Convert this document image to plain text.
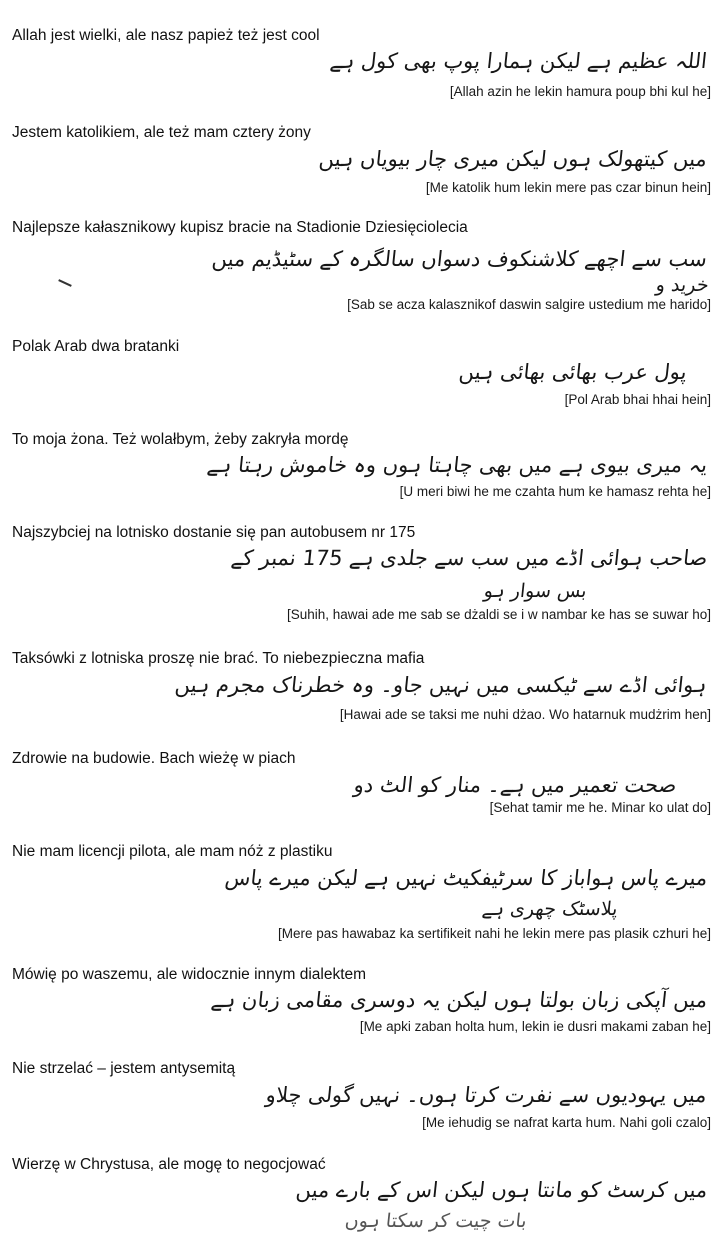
Allah jest wielki, ale nasz papież też jest cool
اللہ عظیم ہے لیکن ہمارا پوپ بھی کول ہے
[Allah azin he lekin hamura poup bhi kul he]
Jestem katolikiem, ale też mam cztery żony
میں کیتھولک ہوں لیکن میری چار بیویاں ہیں
[Me katolik hum lekin mere pas czar binun hein]
Najlepsze kałasznikowy kupisz bracie na Stadionie Dziesięciolecia
سب سے اچھے کلاشنکوف دسواں سالگرہ کے سٹیڈیم میں
خرید و
[Sab se acza kalasznikof daswin salgire ustedium me harido]
Polak Arab dwa bratanki
پول عرب بھائی بھائی ہیں
[Pol Arab bhai hhai hein]
To moja żona. Też wolałbym, żeby zakryła mordę
یہ میری بیوی ہے میں بھی چاہتا ہوں وہ خاموش رہتا ہے
[U meri biwi he me czahta hum ke hamasz rehta he]
Najszybciej na lotnisko dostanie się pan autobusem nr 175
صاحب ہوائی اڈے میں سب سے جلدی ہے 175 نمبر کے
بس سوار ہو
[Suhih, hawai ade me sab se dżaldi se i w nambar ke has se suwar ho]
Taksówki z lotniska proszę nie brać. To niebezpieczna mafia
ہوائی اڈے سے ٹیکسی میں نہیں جاو۔ وہ خطرناک مجرم ہیں
[Hawai ade se taksi me nuhi dżao. Wo hatarnuk mudżrim hen]
Zdrowie na budowie. Bach wieżę w piach
صحت تعمیر میں ہے۔ منار کو الٹ دو
[Sehat tamir me he. Minar ko ulat do]
Nie mam licencji pilota, ale mam nóż z plastiku
میرے پاس ہواباز کا سرٹیفکیٹ نہیں ہے لیکن میرے پاس
پلاسٹک چھری ہے
[Mere pas hawabaz ka sertifikeit nahi he lekin mere pas plasik czhuri he]
Mówię po waszemu, ale widocznie innym dialektem
میں آپکی زبان بولتا ہوں لیکن یہ دوسری مقامی زبان ہے
[Me apki zaban holta hum, lekin ie dusri makami zaban he]
Nie strzelać – jestem antysemitą
میں یہودیوں سے نفرت کرتا ہوں۔ نہیں گولی چلاو
[Me iehudig se nafrat karta hum. Nahi goli czalo]
Wierzę w Chrystusa, ale mogę to negocjować
میں کرسٹ کو مانتا ہوں لیکن اس کے بارے میں
بات چیت کر سکتا ہوں
